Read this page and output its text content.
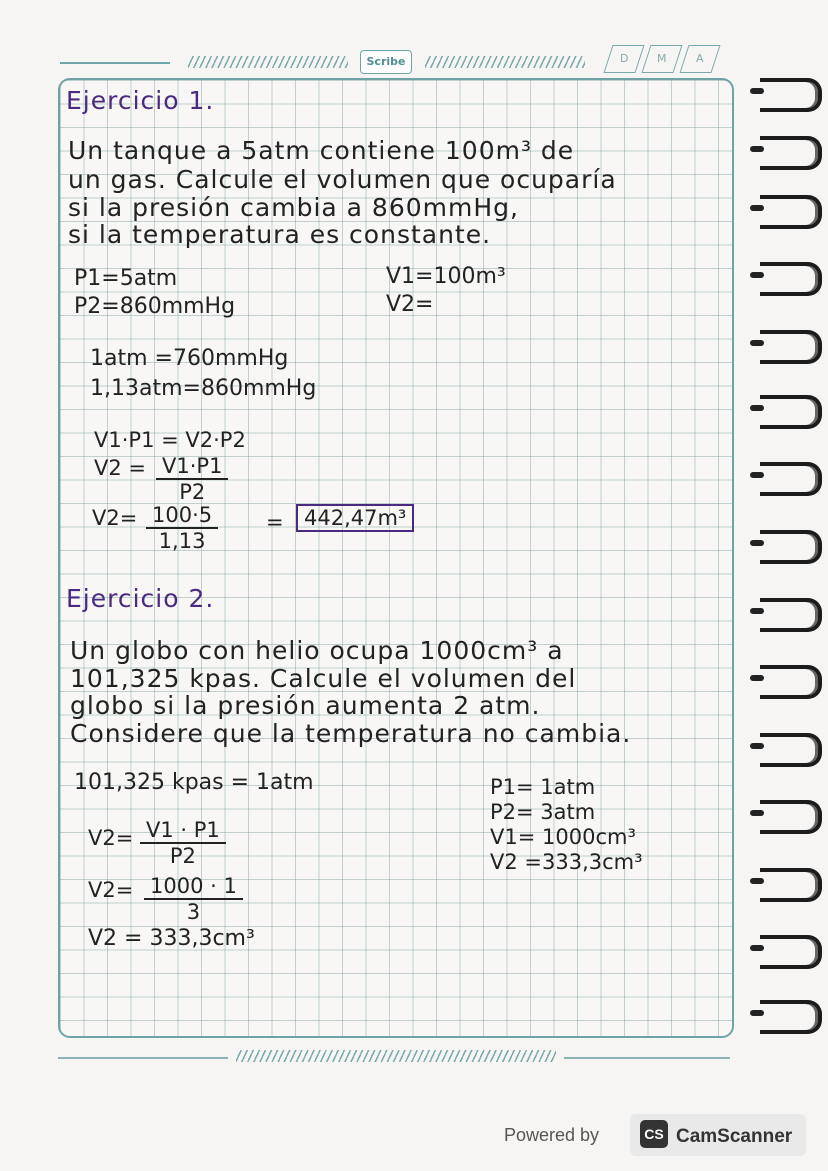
Scribe	D	M	A
Ejercicio 1.
Un tanque a 5atm contiene 100m³ de
un gas. Calcule el volumen que ocuparía
si la presión cambia a 860mmHg,
si la temperatura es constante.
P1=5atm
P2=860mmHg
V1=100m³
V2=
1atm =760mmHg
1,13atm=860mmHg
V1·P1 = V2·P2
$V2 = \frac{V1\cdot P1}{P2}$
$V2= \frac{100\cdot 5}{1,13} = 442,47m^3$
Ejercicio 2.
Un globo con helio ocupa 1000cm³ a
101,325 kpas. Calcule el volumen del
globo si la presión aumenta 2 atm.
Considere que la temperatura no cambia.
101,325 kpas = 1atm	P1= 1atm
P2= 3atm
V1= 1000cm³
V2 =333,3cm³
$V2= \frac{V1 \cdot P1}{P2}$
$V2= \frac{1000 \cdot 1}{3}$
V2 = 333,3cm³
Powered by	CS CamScanner
